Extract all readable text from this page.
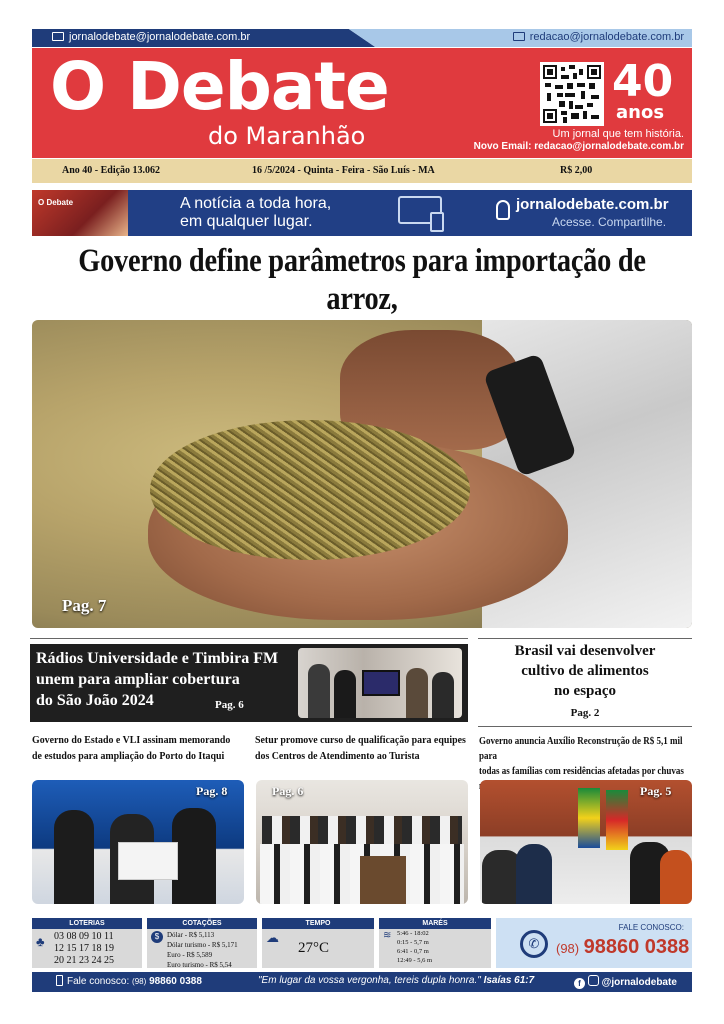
jornalodebate@jornalodebate.com.br	redacao@jornalodebate.com.br
O Debate
do Maranhão
40
anos
Um jornal que tem história.
Novo Email: redacao@jornalodebate.com.br
Ano 40 - Edição 13.062	16 /5/2024 - Quinta - Feira - São Luís - MA	R$ 2,00
O Debate	A notícia a toda hora,
em qualquer lugar.
jornalodebate.com.br
Acesse. Compartilhe.
Governo define parâmetros para importação de arroz,
Pag. 7
Rádios Universidade e Timbira FM
unem para ampliar cobertura
do São João 2024	Pag. 6
Brasil vai desenvolver
cultivo de alimentos
no espaço
Pag. 2
Governo do Estado e VLI assinam memorando
de estudos para ampliação do Porto do Itaqui
Setur promove curso de qualificação para equipes
dos Centros de Atendimento ao Turista
Governo anuncia Auxílio Reconstrução de R$ 5,1 mil para
todas as famílias com residências afetadas por chuvas
Pag. 8	Pag. 6	Pag. 5
LOTERIAS
♣ 03 08 09 10 11
12 15 17 18 19
20 21 23 24 25
COTAÇÕES
$	Dólar - R$ 5,113
Dólar turismo - R$ 5,171
Euro - R$ 5,589
Euro turismo - R$ 5,54
TEMPO
☁
27°C
MARÉS
≋ 5:46 - 18:02
0:15 - 5,7 m
6:41 - 0,7 m
12:49 - 5,6 m
✆
FALE CONOSCO:
(98) 98860 0388
Fale conosco: (98) 98860 0388	"Em lugar da vossa vergonha, tereis dupla honra." Isaías 61:7	f @jornalodebate
